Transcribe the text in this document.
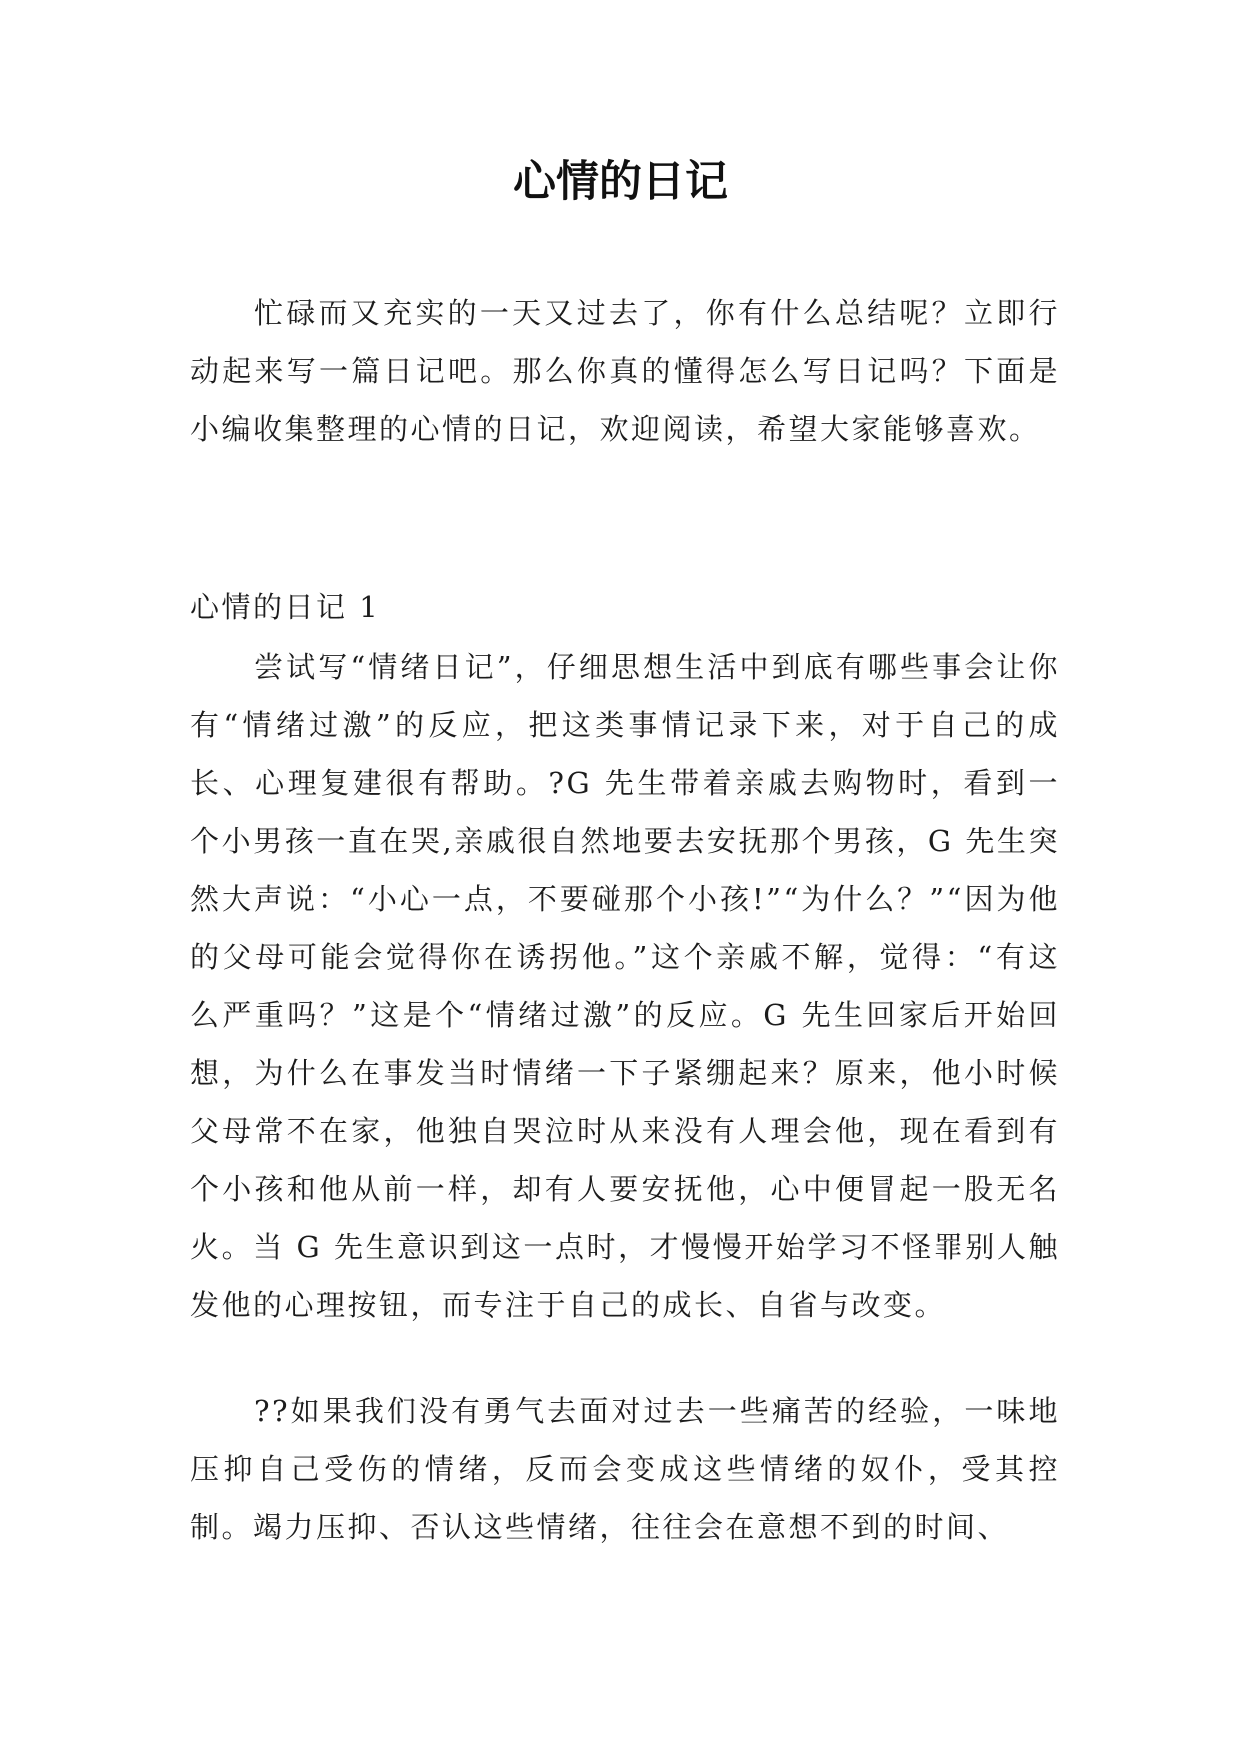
心情的日记

忙碌而又充实的一天又过去了，你有什么总结呢？立即行动起来写一篇日记吧。那么你真的懂得怎么写日记吗？下面是小编收集整理的心情的日记，欢迎阅读，希望大家能够喜欢。

心情的日记 1

尝试写“情绪日记”，仔细思想生活中到底有哪些事会让你有“情绪过激”的反应，把这类事情记录下来，对于自己的成长、心理复建很有帮助。?G 先生带着亲戚去购物时，看到一个小男孩一直在哭,亲戚很自然地要去安抚那个男孩，G 先生突然大声说：“小心一点，不要碰那个小孩!”“为什么？”“因为他的父母可能会觉得你在诱拐他。”这个亲戚不解，觉得：“有这么严重吗？”这是个“情绪过激”的反应。G 先生回家后开始回想，为什么在事发当时情绪一下子紧绷起来？原来，他小时候父母常不在家，他独自哭泣时从来没有人理会他，现在看到有个小孩和他从前一样，却有人要安抚他，心中便冒起一股无名火。当 G 先生意识到这一点时，才慢慢开始学习不怪罪别人触发他的心理按钮，而专注于自己的成长、自省与改变。

??如果我们没有勇气去面对过去一些痛苦的经验，一味地压抑自己受伤的情绪，反而会变成这些情绪的奴仆，受其控制。竭力压抑、否认这些情绪，往往会在意想不到的时间、
